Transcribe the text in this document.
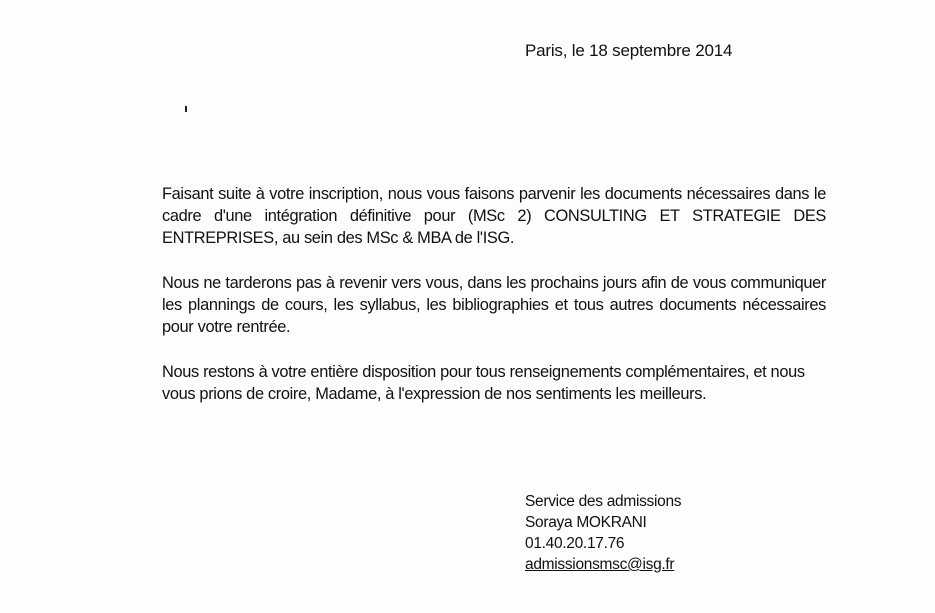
Paris, le 18 septembre 2014

Faisant suite à votre inscription, nous vous faisons parvenir les documents nécessaires dans le cadre d'une intégration définitive pour (MSc 2) CONSULTING ET STRATEGIE DES ENTREPRISES, au sein des MSc & MBA de l'ISG.

Nous ne tarderons pas à revenir vers vous, dans les prochains jours afin de vous communiquer les plannings de cours, les syllabus, les bibliographies et tous autres documents nécessaires pour votre rentrée.

Nous restons à votre entière disposition pour tous renseignements complémentaires, et nous vous prions de croire, Madame, à l'expression de nos sentiments les meilleurs.

Service des admissions
Soraya MOKRANI
01.40.20.17.76
admissionsmsc@isg.fr
